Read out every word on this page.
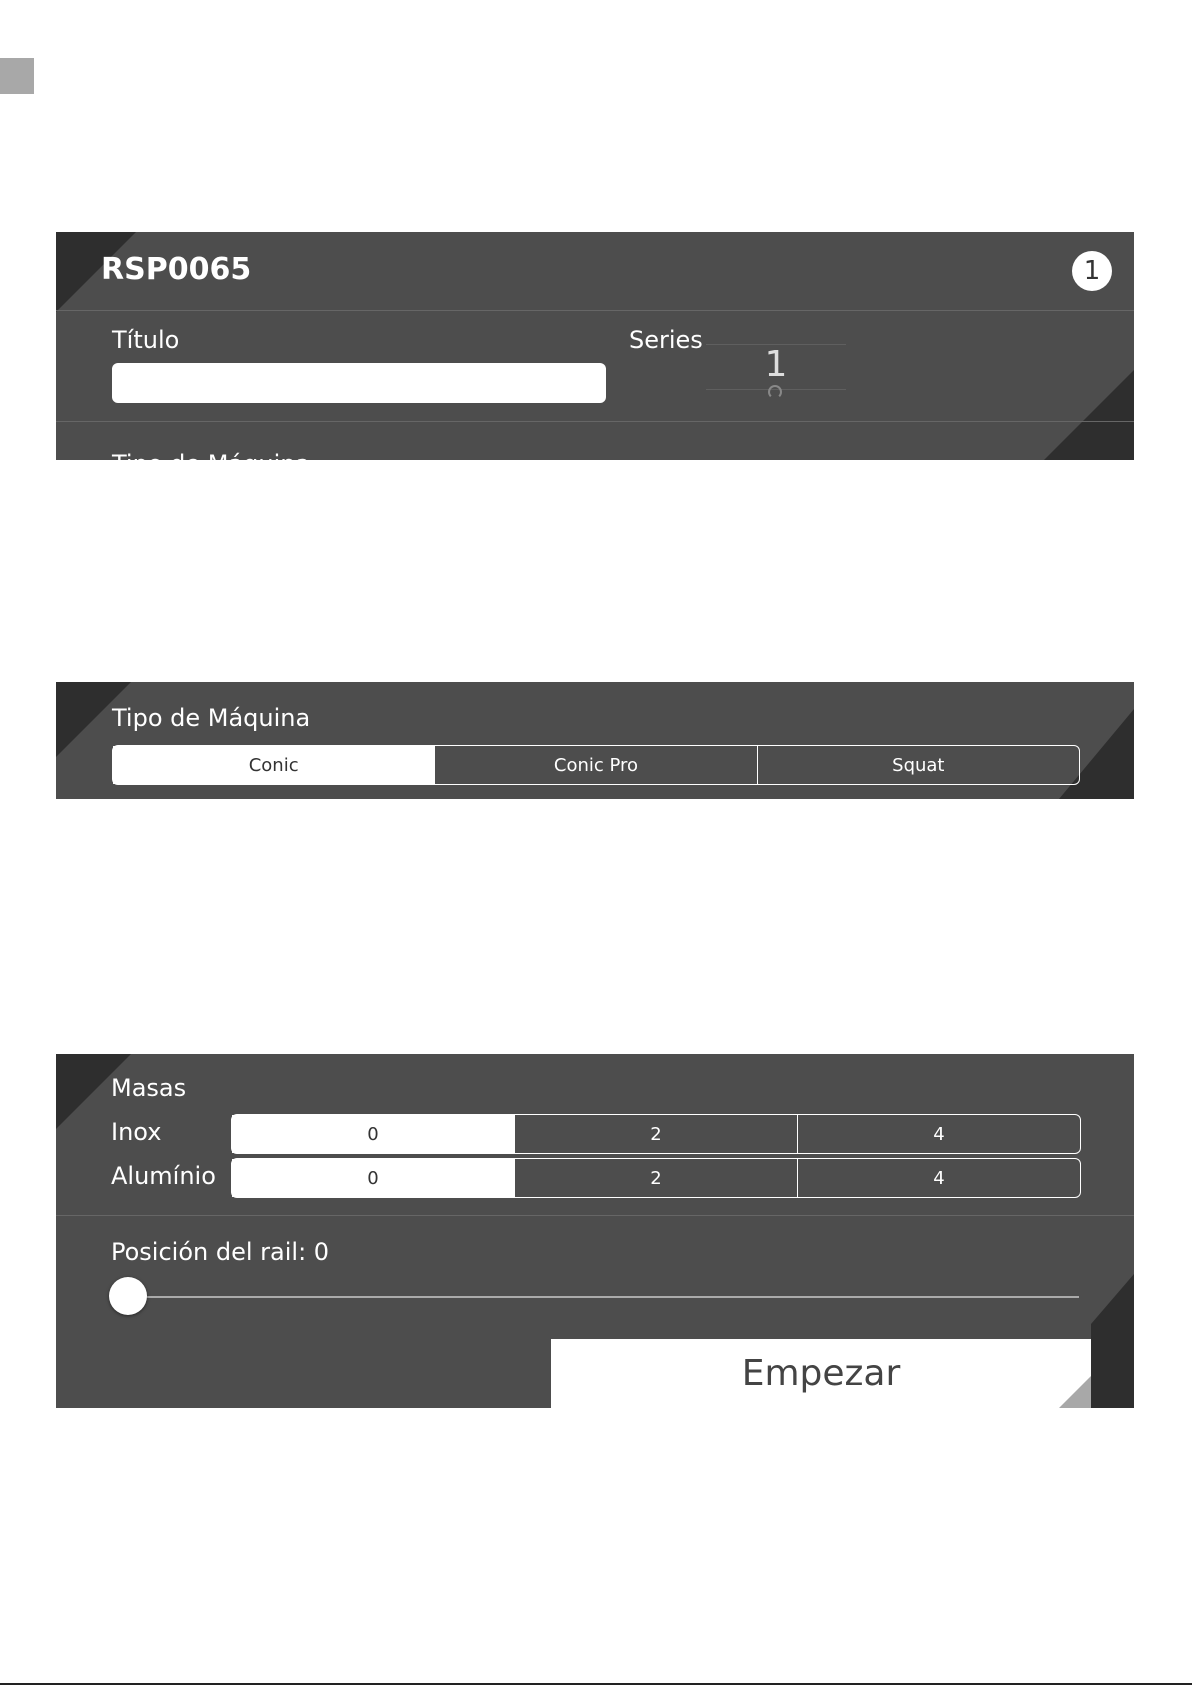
RSP0065	1
Título	Series
1
Tipo de Máquina
Tipo de Máquina
Conic	Conic Pro	Squat
Masas
Inox	0	2	4
Alumínio	0	2	4
Posición del rail: 0
Empezar
